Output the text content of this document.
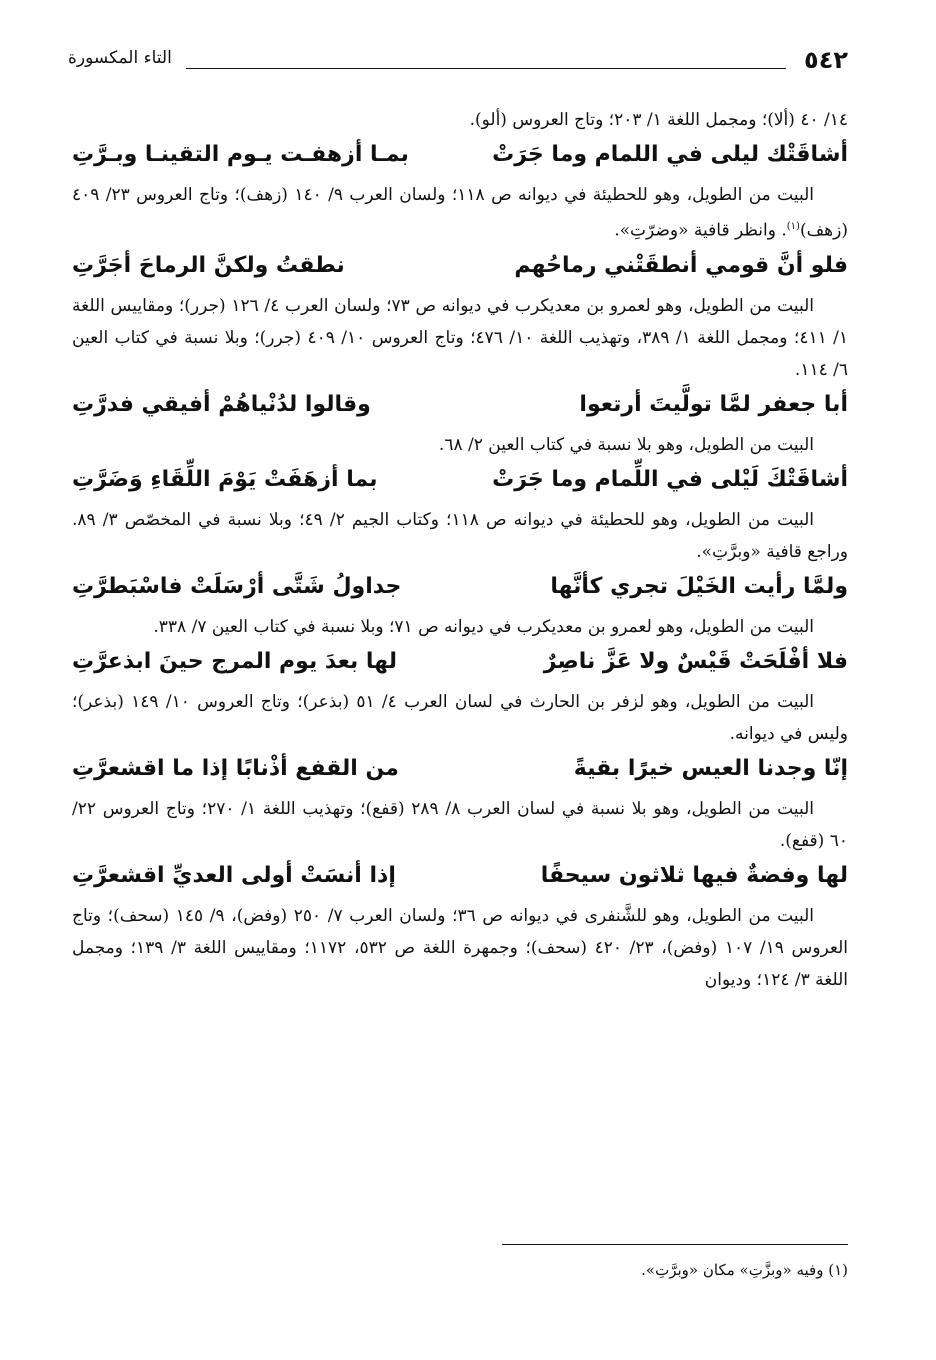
٥٤٢
التاء المكسورة

١٤/ ٤٠ (ألا)؛ ومجمل اللغة ١/ ٢٠٣؛ وتاج العروس (ألو).

أشاقَتْك ليلى في اللمام وما جَرَتْ
بمـا أزهفـت يـوم التقينـا وبـرَّتِ

البيت من الطويل، وهو للحطيئة في ديوانه ص ١١٨؛ ولسان العرب ٩/ ١٤٠ (زهف)؛ وتاج العروس ٢٣/ ٤٠٩ (زهف)$^{(١)}$. وانظر قافية «وضرّتِ».

فلو أنَّ قومي أنطقَتْني رماحُهم
نطقتُ ولكنَّ الرماحَ أجَرَّتِ

البيت من الطويل، وهو لعمرو بن معديكرب في ديوانه ص ٧٣؛ ولسان العرب ٤/ ١٢٦ (جرر)؛ ومقاييس اللغة ١/ ٤١١؛ ومجمل اللغة ١/ ٣٨٩، وتهذيب اللغة ١٠/ ٤٧٦؛ وتاج العروس ١٠/ ٤٠٩ (جرر)؛ وبلا نسبة في كتاب العين ٦/ ١١٤.

أبا جعفر لمَّا تولَّيتَ أرتعوا
وقالوا لدُنْياهُمْ أفيقي فدرَّتِ

البيت من الطويل، وهو بلا نسبة في كتاب العين ٢/ ٦٨.

أشاقَتْكَ لَيْلى في اللِّمام وما جَرَتْ
بما أزهَفَتْ يَوْمَ اللِّقَاءِ وَضَرَّتِ

البيت من الطويل، وهو للحطيئة في ديوانه ص ١١٨؛ وكتاب الجيم ٢/ ٤٩؛ وبلا نسبة في المخصّص ٣/ ٨٩. وراجع قافية «وبرَّتِ».

ولمَّا رأيت الخَيْلَ تجري كأنَّها
جداولُ شَتَّى أرْسَلَتْ فاسْبَطرَّتِ

البيت من الطويل، وهو لعمرو بن معديكرب في ديوانه ص ٧١؛ وبلا نسبة في كتاب العين ٧/ ٣٣٨.

فلا أفْلَحَتْ قَيْسٌ ولا عَزَّ ناصِرٌ
لها بعدَ يوم المرج حينَ ابذعرَّتِ

البيت من الطويل، وهو لزفر بن الحارث في لسان العرب ٤/ ٥١ (بذعر)؛ وتاج العروس ١٠/ ١٤٩ (بذعر)؛ وليس في ديوانه.

إنّا وجدنا العيس خيرًا بقيةً
من القفع أذْنابًا إذا ما اقشعرَّتِ

البيت من الطويل، وهو بلا نسبة في لسان العرب ٨/ ٢٨٩ (قفع)؛ وتهذيب اللغة ١/ ٢٧٠؛ وتاج العروس ٢٢/ ٦٠ (قفع).

لها وفضةٌ فيها ثلاثون سيحفًا
إذا أنسَتْ أولى العديِّ اقشعرَّتِ

البيت من الطويل، وهو للشَّنفرى في ديوانه ص ٣٦؛ ولسان العرب ٧/ ٢٥٠ (وفض)، ٩/ ١٤٥ (سحف)؛ وتاج العروس ١٩/ ١٠٧ (وفض)، ٢٣/ ٤٢٠ (سحف)؛ وجمهرة اللغة ص ٥٣٢، ١١٧٢؛ ومقاييس اللغة ٣/ ١٣٩؛ ومجمل اللغة ٣/ ١٢٤؛ وديوان

(١) وفيه «وبزَّتِ» مكان «وبرَّتِ».
